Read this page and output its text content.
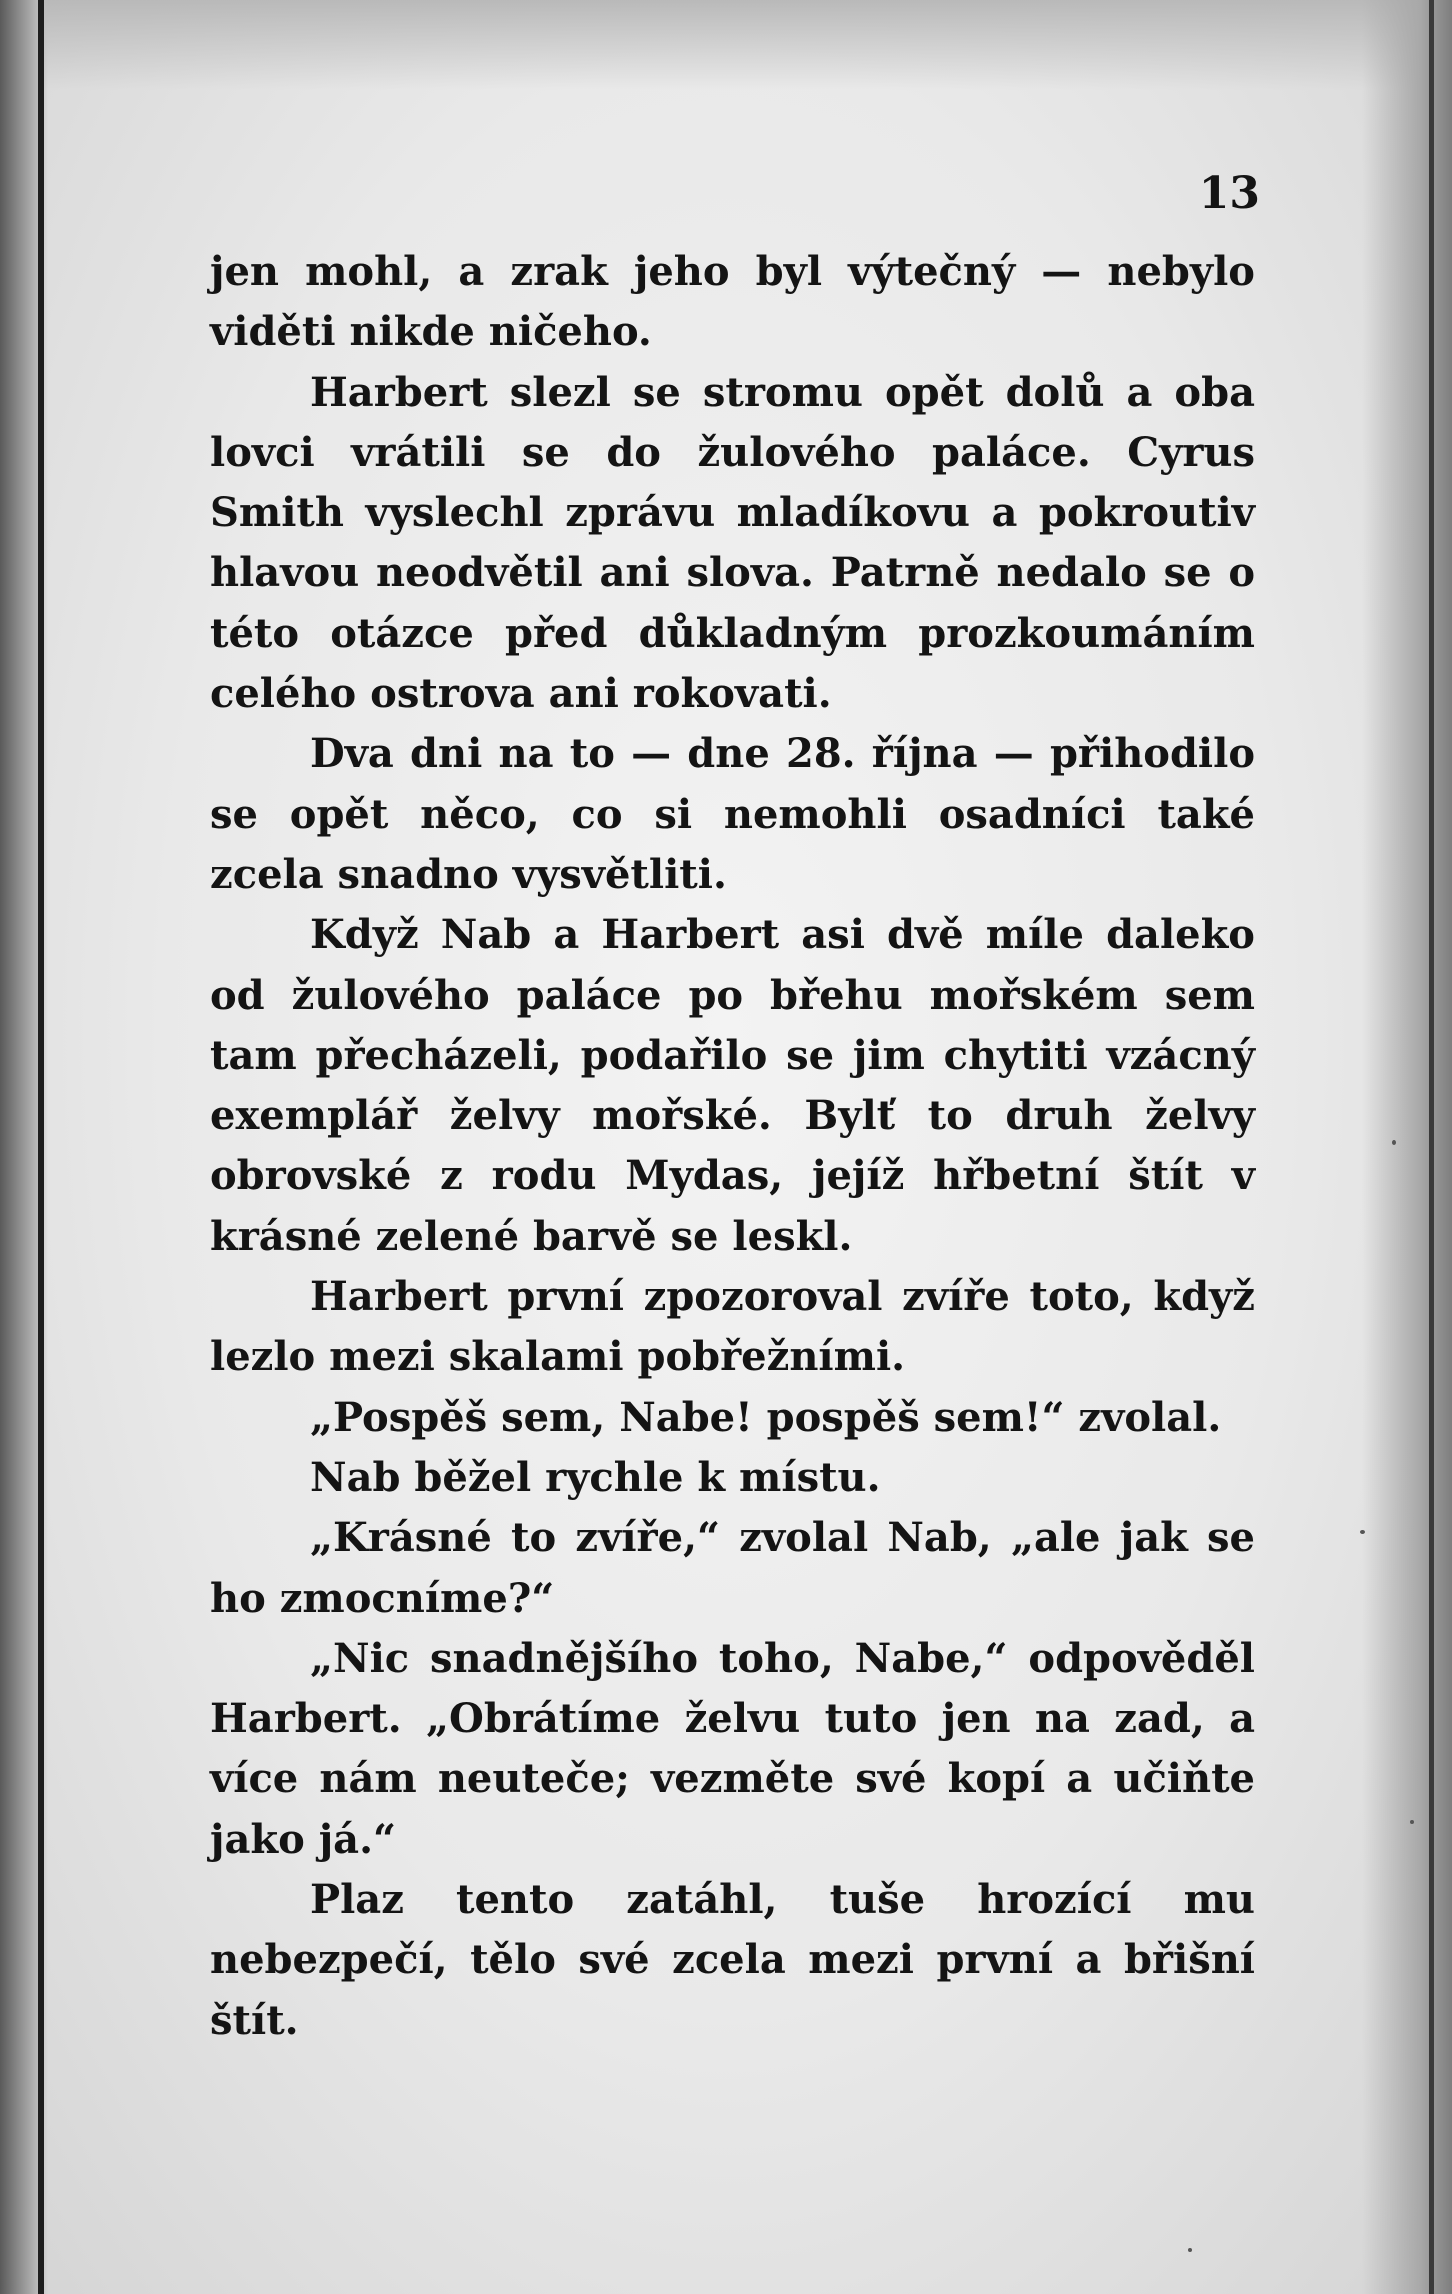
13

jen mohl, a zrak jeho byl výtečný — nebylo viděti nikde ničeho.

Harbert slezl se stromu opět dolů a oba lovci vrátili se do žulového paláce. Cyrus Smith vyslechl zprávu mladíkovu a pokroutiv hlavou neodvětil ani slova. Patrně nedalo se o této otázce před důkladným prozkoumáním celého ostrova ani rokovati.

Dva dni na to — dne 28. října — přihodilo se opět něco, co si nemohli osadníci také zcela snadno vysvětliti.

Když Nab a Harbert asi dvě míle daleko od žulového paláce po břehu mořském sem tam přecházeli, podařilo se jim chytiti vzácný exemplář želvy mořské. Bylť to druh želvy obrovské z rodu Mydas, jejíž hřbetní štít v krásné zelené barvě se leskl.

Harbert první zpozoroval zvíře toto, když lezlo mezi skalami pobřežními.

„Pospěš sem, Nabe! pospěš sem!“ zvolal.

Nab běžel rychle k místu.

„Krásné to zvíře,“ zvolal Nab, „ale jak se ho zmocníme?“

„Nic snadnějšího toho, Nabe,“ odpověděl Harbert. „Obrátíme želvu tuto jen na zad, a více nám neuteče; vezměte své kopí a učiňte jako já.“

Plaz tento zatáhl, tuše hrozící mu nebezpečí, tělo své zcela mezi první a břišní štít.
